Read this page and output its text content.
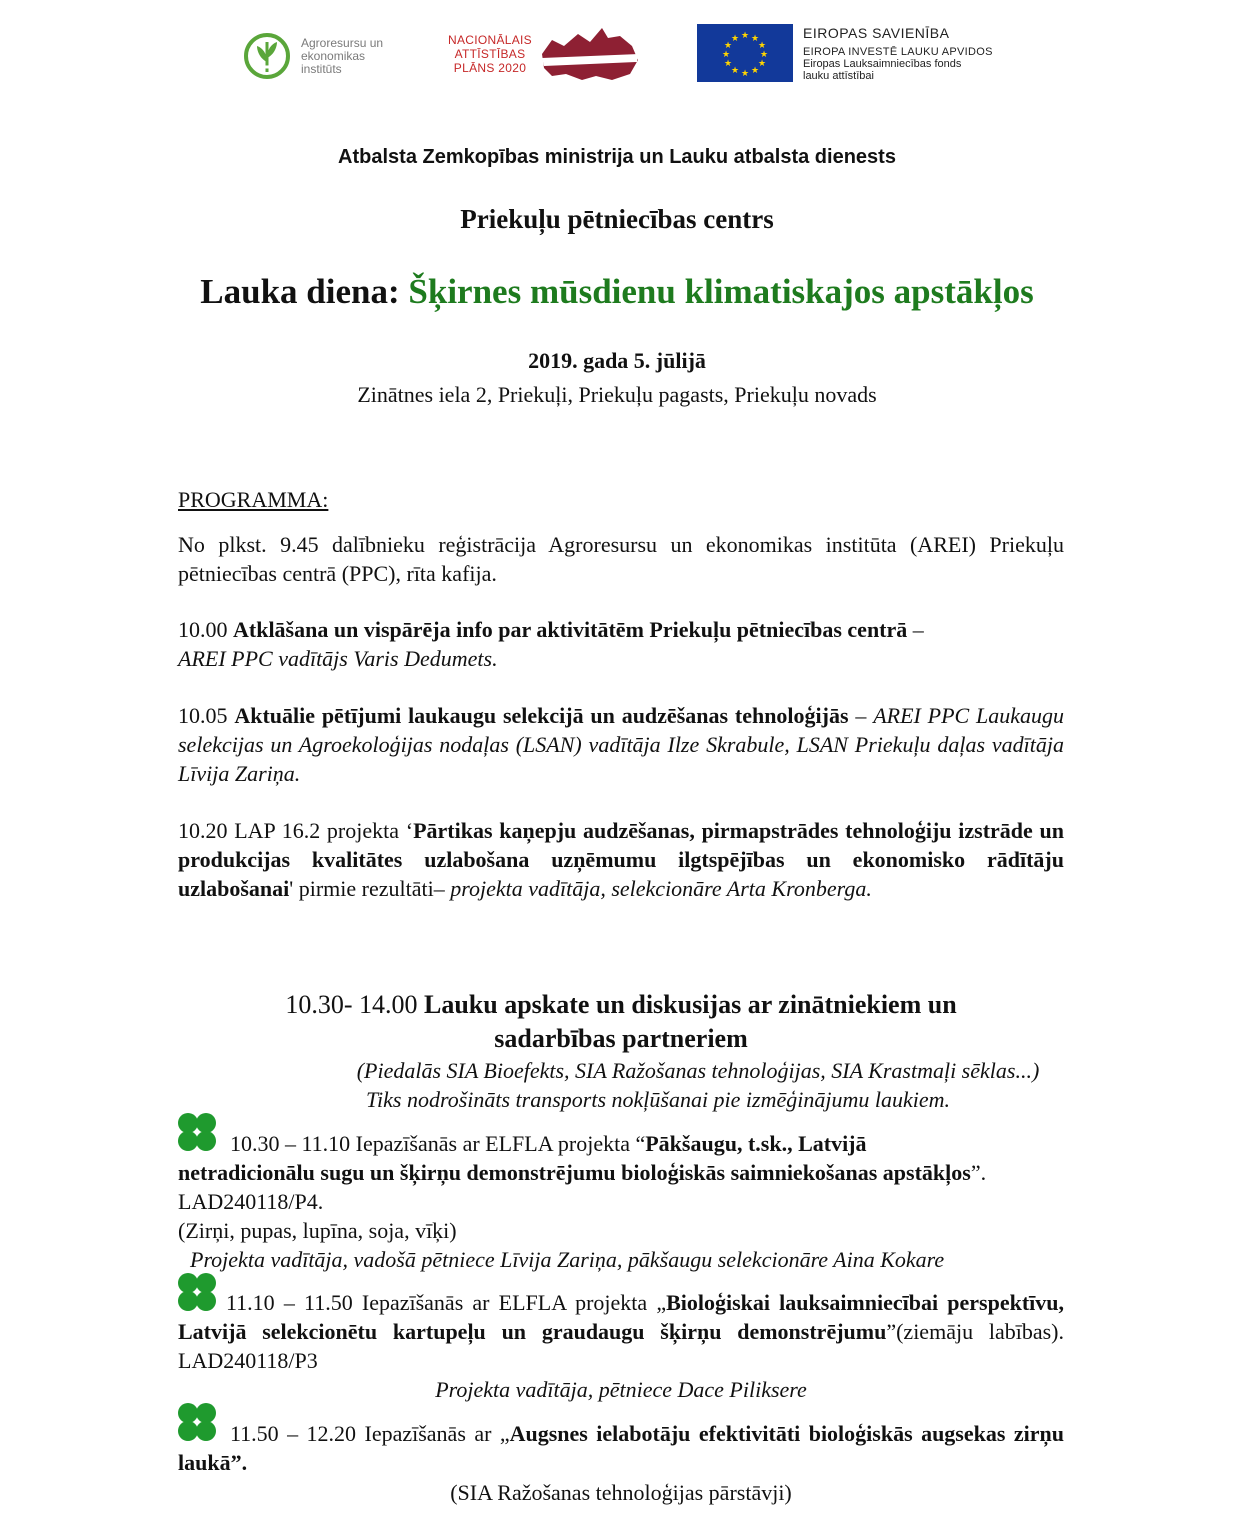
Agroresursu un
ekonomikas
institūts
NACIONĀLAIS
ATTĪSTĪBAS
PLĀNS 2020
★ ★
★
★
★
★
★
★
★
★
★
★	EIROPAS SAVIENĪBA
EIROPA INVESTĒ LAUKU APVIDOS
Eiropas Lauksaimniecības fonds
lauku attīstībai
Atbalsta Zemkopības ministrija un Lauku atbalsta dienests
Priekuļu pētniecības centrs
Lauka diena: Šķirnes mūsdienu klimatiskajos apstākļos
2019. gada 5. jūlijā
Zinātnes iela 2, Priekuļi, Priekuļu pagasts, Priekuļu novads
PROGRAMMA:
No plkst. 9.45 dalībnieku reģistrācija Agroresursu un ekonomikas institūta (AREI) Priekuļu pētniecības centrā (PPC), rīta kafija.
10.00 Atklāšana un vispārēja info par aktivitātēm Priekuļu pētniecības centrā –
AREI PPC vadītājs Varis Dedumets.
10.05 Aktuālie pētījumi laukaugu selekcijā un audzēšanas tehnoloģijās – AREI PPC Laukaugu selekcijas un Agroekoloģijas nodaļas (LSAN) vadītāja Ilze Skrabule, LSAN Priekuļu daļas vadītāja Līvija Zariņa.
10.20 LAP 16.2 projekta ‘Pārtikas kaņepju audzēšanas, pirmapstrādes tehnoloģiju izstrāde un produkcijas kvalitātes uzlabošana uzņēmumu ilgtspējības un ekonomisko rādītāju uzlabošanai' pirmie rezultāti– projekta vadītāja, selekcionāre Arta Kronberga.
10.30- 14.00 Lauku apskate un diskusijas ar zinātniekiem un sadarbības partneriem
(Piedalās SIA Bioefekts, SIA Ražošanas tehnoloģijas, SIA Krastmaļi sēklas...)
Tiks nodrošināts transports nokļūšanai pie izmēģinājumu laukiem.
10.30 – 11.10 Iepazīšanās ar ELFLA projekta “Pākšaugu, t.sk., Latvijā netradicionālu sugu un šķirņu demonstrējumu bioloģiskās saimniekošanas apstākļos”. LAD240118/P4.
(Zirņi, pupas, lupīna, soja, vīķi)
Projekta vadītāja, vadošā pētniece Līvija Zariņa, pākšaugu selekcionāre Aina Kokare
11.10 – 11.50 Iepazīšanās ar ELFLA projekta „Bioloģiskai lauksaimniecībai perspektīvu, Latvijā selekcionētu kartupeļu un graudaugu šķirņu demonstrējumu”(ziemāju labības). LAD240118/P3
Projekta vadītāja, pētniece Dace Piliksere
11.50 – 12.20 Iepazīšanās ar „Augsnes ielabotāju efektivitāti bioloģiskās augsekas zirņu laukā”.
(SIA Ražošanas tehnoloģijas pārstāvji)
